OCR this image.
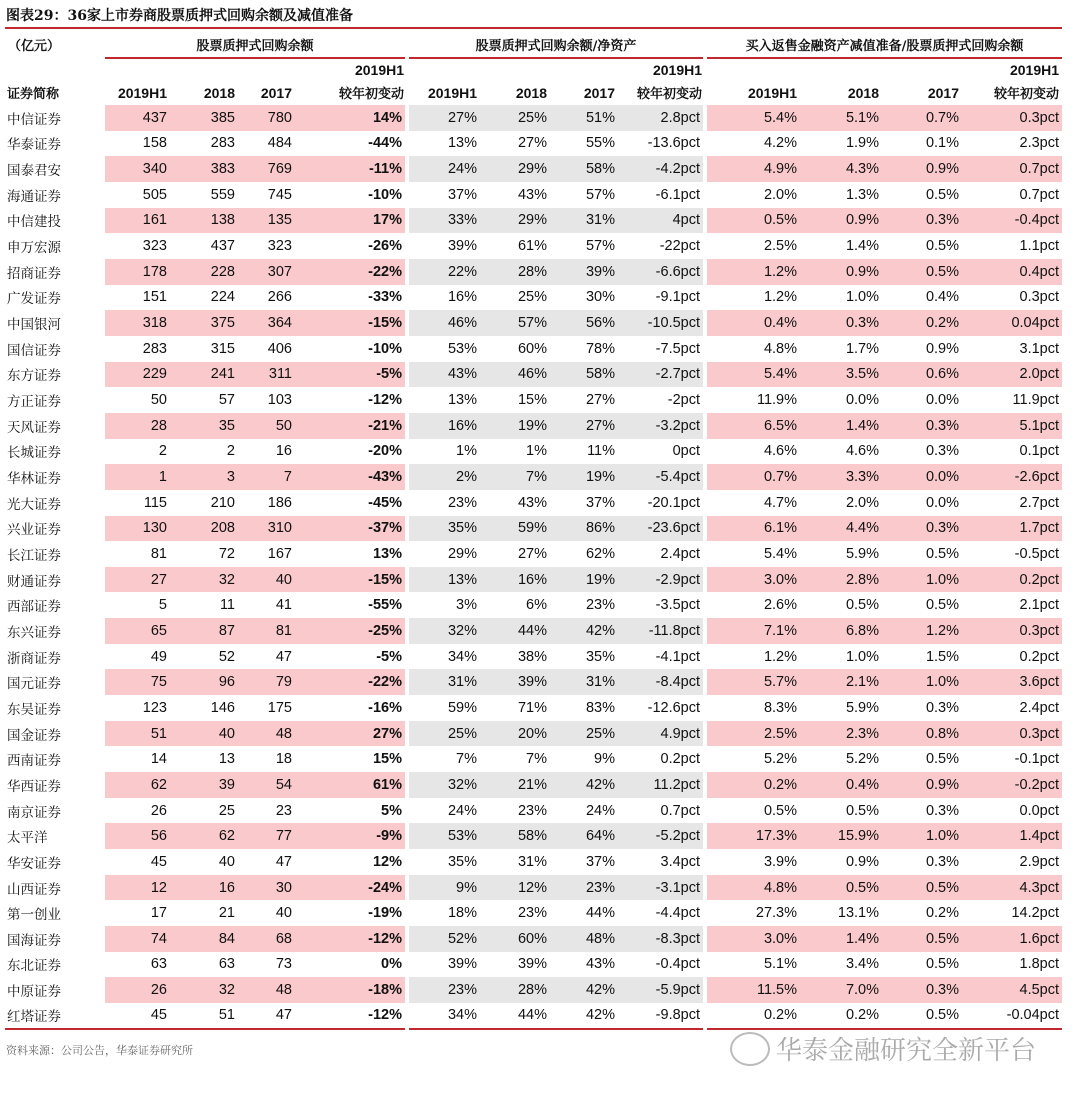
图表29：36家上市券商股票质押式回购余额及减值准备
（亿元）	股票质押式回购余额				股票质押式回购余额/净资产				买入返售金融资产减值准备/股票质押式回购余额			
				2019H1				2019H1				2019H1
证券简称	2019H1	2018	2017	较年初变动	2019H1	2018	2017	较年初变动	2019H1	2018	2017	较年初变动
中信证券	437	385	780	14%	27%	25%	51%	2.8pct	5.4%	5.1%	0.7%	0.3pct
华泰证券	158	283	484	-44%	13%	27%	55%	-13.6pct	4.2%	1.9%	0.1%	2.3pct
国泰君安	340	383	769	-11%	24%	29%	58%	-4.2pct	4.9%	4.3%	0.9%	0.7pct
海通证券	505	559	745	-10%	37%	43%	57%	-6.1pct	2.0%	1.3%	0.5%	0.7pct
中信建投	161	138	135	17%	33%	29%	31%	4pct	0.5%	0.9%	0.3%	-0.4pct
申万宏源	323	437	323	-26%	39%	61%	57%	-22pct	2.5%	1.4%	0.5%	1.1pct
招商证券	178	228	307	-22%	22%	28%	39%	-6.6pct	1.2%	0.9%	0.5%	0.4pct
广发证券	151	224	266	-33%	16%	25%	30%	-9.1pct	1.2%	1.0%	0.4%	0.3pct
中国银河	318	375	364	-15%	46%	57%	56%	-10.5pct	0.4%	0.3%	0.2%	0.04pct
国信证券	283	315	406	-10%	53%	60%	78%	-7.5pct	4.8%	1.7%	0.9%	3.1pct
东方证券	229	241	311	-5%	43%	46%	58%	-2.7pct	5.4%	3.5%	0.6%	2.0pct
方正证券	50	57	103	-12%	13%	15%	27%	-2pct	11.9%	0.0%	0.0%	11.9pct
天风证券	28	35	50	-21%	16%	19%	27%	-3.2pct	6.5%	1.4%	0.3%	5.1pct
长城证券	2	2	16	-20%	1%	1%	11%	0pct	4.6%	4.6%	0.3%	0.1pct
华林证券	1	3	7	-43%	2%	7%	19%	-5.4pct	0.7%	3.3%	0.0%	-2.6pct
光大证券	115	210	186	-45%	23%	43%	37%	-20.1pct	4.7%	2.0%	0.0%	2.7pct
兴业证券	130	208	310	-37%	35%	59%	86%	-23.6pct	6.1%	4.4%	0.3%	1.7pct
长江证券	81	72	167	13%	29%	27%	62%	2.4pct	5.4%	5.9%	0.5%	-0.5pct
财通证券	27	32	40	-15%	13%	16%	19%	-2.9pct	3.0%	2.8%	1.0%	0.2pct
西部证券	5	11	41	-55%	3%	6%	23%	-3.5pct	2.6%	0.5%	0.5%	2.1pct
东兴证券	65	87	81	-25%	32%	44%	42%	-11.8pct	7.1%	6.8%	1.2%	0.3pct
浙商证券	49	52	47	-5%	34%	38%	35%	-4.1pct	1.2%	1.0%	1.5%	0.2pct
国元证券	75	96	79	-22%	31%	39%	31%	-8.4pct	5.7%	2.1%	1.0%	3.6pct
东吴证券	123	146	175	-16%	59%	71%	83%	-12.6pct	8.3%	5.9%	0.3%	2.4pct
国金证券	51	40	48	27%	25%	20%	25%	4.9pct	2.5%	2.3%	0.8%	0.3pct
西南证券	14	13	18	15%	7%	7%	9%	0.2pct	5.2%	5.2%	0.5%	-0.1pct
华西证券	62	39	54	61%	32%	21%	42%	11.2pct	0.2%	0.4%	0.9%	-0.2pct
南京证券	26	25	23	5%	24%	23%	24%	0.7pct	0.5%	0.5%	0.3%	0.0pct
太平洋	56	62	77	-9%	53%	58%	64%	-5.2pct	17.3%	15.9%	1.0%	1.4pct
华安证券	45	40	47	12%	35%	31%	37%	3.4pct	3.9%	0.9%	0.3%	2.9pct
山西证券	12	16	30	-24%	9%	12%	23%	-3.1pct	4.8%	0.5%	0.5%	4.3pct
第一创业	17	21	40	-19%	18%	23%	44%	-4.4pct	27.3%	13.1%	0.2%	14.2pct
国海证券	74	84	68	-12%	52%	60%	48%	-8.3pct	3.0%	1.4%	0.5%	1.6pct
东北证券	63	63	73	0%	39%	39%	43%	-0.4pct	5.1%	3.4%	0.5%	1.8pct
中原证券	26	32	48	-18%	23%	28%	42%	-5.9pct	11.5%	7.0%	0.3%	4.5pct
红塔证券	45	51	47	-12%	34%	44%	42%	-9.8pct	0.2%	0.2%	0.5%	-0.04pct
资料来源：公司公告，华泰证券研究所	华泰金融研究全新平台
